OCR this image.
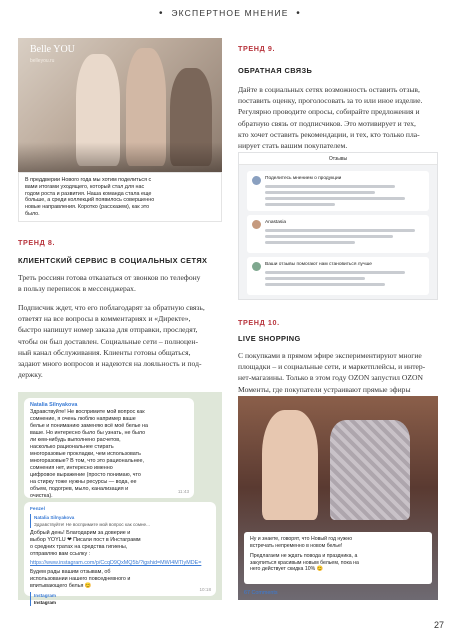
• ЭКСПЕРТНОЕ МНЕНИЕ •
Belle YOU
belleyou.ru
В преддверии Нового года мы хотим поделиться с
вами итогами уходящего, который стал для нас
годом роста и развития. Наша команда стала еще
больше, а среди коллекций появилось совершенно
новые направления. Коротко (рассказем), как это
было.
ТРЕНД 9.
ОБРАТНАЯ СВЯЗЬ
Дайте в социальных сетях возможность оставить отзыв,
поставить оценку, проголосовать за то или иное изделие.
Регулярно проводите опросы, собирайте предложения и
обратную связь от подписчиков. Это мотивирует и тех,
кто хочет оставить рекомендации, и тех, кто только пла-
нирует стать вашим покупателем.
Отзывы
Поделитесь мнением о продукции
Anastasia
Ваши отзывы помогают нам становиться лучше
ТРЕНД 8.
КЛИЕНТСКИЙ СЕРВИС В СОЦИАЛЬНЫХ СЕТЯХ
Треть россиян готова отказаться от звонков по телефону
в пользу переписок в мессенджерах.
Подписчик ждет, что его поблагодарят за обратную связь,
ответят на все вопросы в комментариях и «Директе»,
быстро напишут номер заказа для отправки, проследят,
чтобы он был доставлен. Социальные сети – полноцен-
ный канал обслуживания. Клиенты готовы общаться,
задают много вопросов и надеются на лояльность и под-
держку.
Natalia Silnyakova
Здравствуйте! Не воспримите мой вопрос как
сомнение, я очень люблю например ваше
белье и пониманию заменяю всё моё белье на
ваше. Но интересно было бы узнать, не было
ли кем-нибудь выполнено расчетов,
насколько рациональнее стирать
многоразовые прокладки, чем использовать
многоразовые? В том, что это рациональнее,
сомнения нет, интересно именно
цифровое выражение (просто понимаю, что
на стирку тоже нужны ресурсы — вода, ее
объем, подогрев, мыло, канализация и
очистка).
11:43
Fenzel
Natalia Silnyakova
Здравствуйте! Не воспримите мой вопрос как сомне...
Добрый день! Благодарим за доверие и
выбор YOYLU ❤ Писали пост в Инстаграмм
о средних тратах на средства гигиены,
отправляю вам ссылку :
https://www.instagram.com/p/CcqD9QxMQ5b/?igshid=MWI4MTIyMDE=
Будем рады вашим отзывам, об
использовании нашего повседневного и
впитывающего белья 😊
Instagram
Instagram
10:18
ТРЕНД 10.
LIVE SHOPPING
С покупками в прямом эфире экспериментируют многие
площадки – и социальные сети, и маркетплейсы, и интер-
нет-магазины. Только в этом году OZON запустил OZON
Моменты, где покупатели устраивают прямые эфиры
Ну и знаете, говорят, что Новый год нужно
встречать непременно в новом белье!
Предлагаем не ждать повода и праздника, а
закупиться красивым новым бельем, пока на
него действует скидка 10% 😊
67 Comments
27
